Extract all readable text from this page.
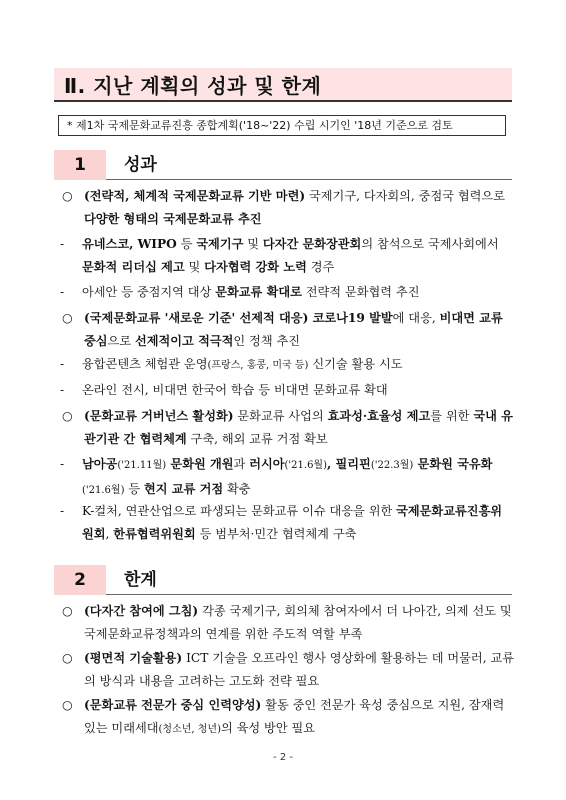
Ⅱ. 지난 계획의 성과 및 한계
* 제1차 국제문화교류진흥 종합계획('18~'22) 수립 시기인 '18년 기준으로 검토
1	성과
○ (전략적, 체계적 국제문화교류 기반 마련) 국제기구, 다자회의, 중점국 협력으로 다양한 형태의 국제문화교류 추진
-	유네스코, WIPO 등 국제기구 및 다자간 문화장관회의 참석으로 국제사회에서 문화적 리더십 제고 및 다자협력 강화 노력 경주
-	아세안 등 중점지역 대상 문화교류 확대로 전략적 문화협력 추진
○ (국제문화교류 '새로운 기준' 선제적 대응) 코로나19 발발에 대응, 비대면 교류 중심으로 선제적이고 적극적인 정책 추진
-	융합콘텐츠 체험관 운영(프랑스, 홍콩, 미국 등) 신기술 활용 시도
-	온라인 전시, 비대면 한국어 학습 등 비대면 문화교류 확대
○ (문화교류 거버넌스 활성화) 문화교류 사업의 효과성·효율성 제고를 위한 국내 유관기관 간 협력체계 구축, 해외 교류 거점 확보
-	남아공('21.11월) 문화원 개원과 러시아('21.6월), 필리핀('22.3월) 문화원 국유화('21.6월) 등 현지 교류 거점 확충
-	K-컬처, 연관산업으로 파생되는 문화교류 이슈 대응을 위한 국제문화교류진흥위원회, 한류협력위원회 등 범부처·민간 협력체계 구축
2	한계
○ (다자간 참여에 그침) 각종 국제기구, 회의체 참여자에서 더 나아간, 의제 선도 및 국제문화교류정책과의 연계를 위한 주도적 역할 부족
○ (평면적 기술활용) ICT 기술을 오프라인 행사 영상화에 활용하는 데 머물러, 교류의 방식과 내용을 고려하는 고도화 전략 필요
○ (문화교류 전문가 중심 인력양성) 활동 중인 전문가 육성 중심으로 지원, 잠재력 있는 미래세대(청소년, 청년)의 육성 방안 필요
- 2 -
